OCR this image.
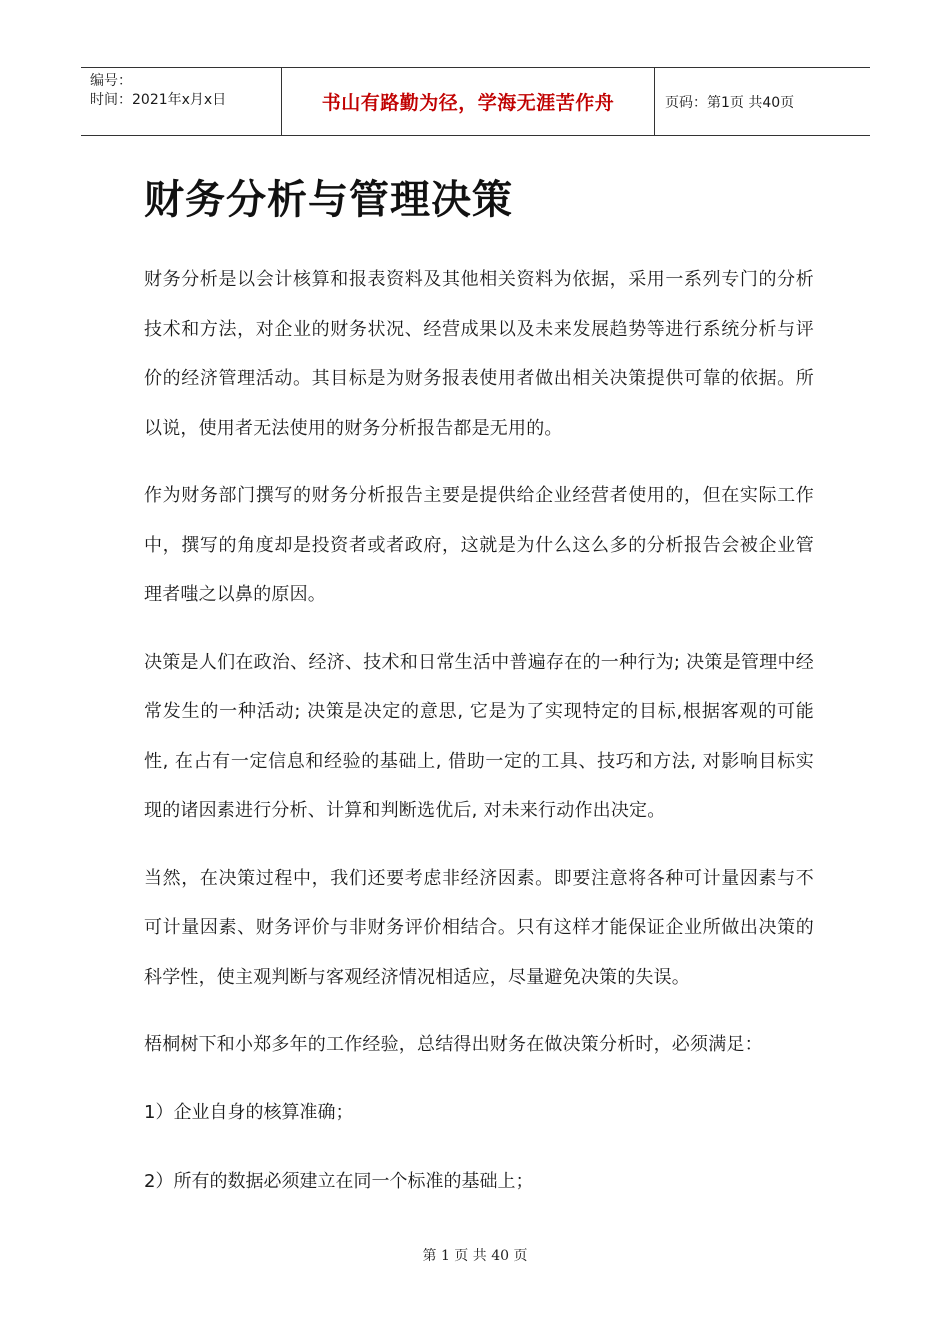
编号：
时间：2021年x月x日	书山有路勤为径，学海无涯苦作舟	页码：第1页 共40页
财务分析与管理决策

财务分析是以会计核算和报表资料及其他相关资料为依据，采用一系列专门的分析技术和方法，对企业的财务状况、经营成果以及未来发展趋势等进行系统分析与评价的经济管理活动。其目标是为财务报表使用者做出相关决策提供可靠的依据。所以说，使用者无法使用的财务分析报告都是无用的。

作为财务部门撰写的财务分析报告主要是提供给企业经营者使用的，但在实际工作中，撰写的角度却是投资者或者政府，这就是为什么这么多的分析报告会被企业管理者嗤之以鼻的原因。

决策是人们在政治、经济、技术和日常生活中普遍存在的一种行为; 决策是管理中经常发生的一种活动; 决策是决定的意思, 它是为了实现特定的目标,根据客观的可能性, 在占有一定信息和经验的基础上, 借助一定的工具、技巧和方法, 对影响目标实现的诸因素进行分析、计算和判断选优后, 对未来行动作出决定。

当然，在决策过程中，我们还要考虑非经济因素。即要注意将各种可计量因素与不可计量因素、财务评价与非财务评价相结合。只有这样才能保证企业所做出决策的科学性，使主观判断与客观经济情况相适应，尽量避免决策的失误。

梧桐树下和小郑多年的工作经验，总结得出财务在做决策分析时，必须满足：

1）企业自身的核算准确；
2）所有的数据必须建立在同一个标准的基础上；
第 1 页 共 40 页
